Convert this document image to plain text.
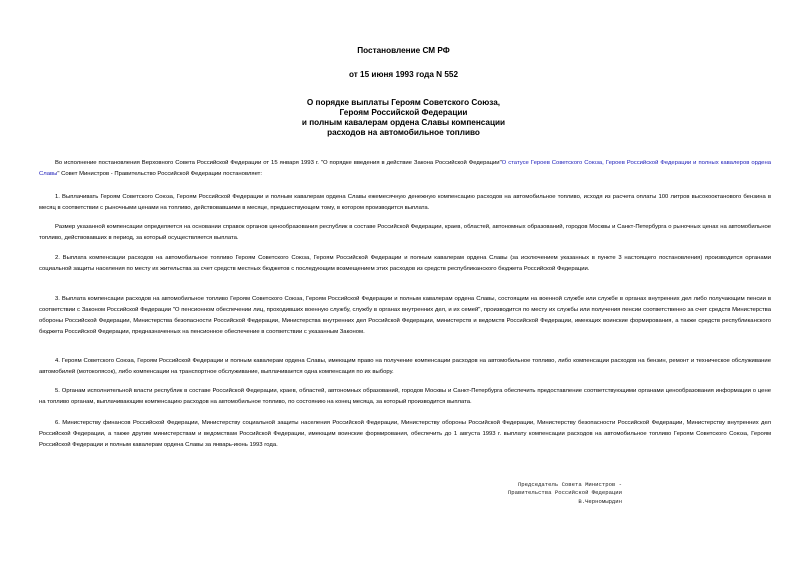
Постановление СМ РФ
от 15 июня 1993 года N 552
О порядке выплаты Героям Советского Союза,
Героям Российской Федерации
и полным кавалерам ордена Славы компенсации
расходов на автомобильное топливо
Во исполнение постановления Верховного Совета Российской Федерации от 15 января 1993 г. "О порядке введения в действие Закона Российской Федерации"О статусе Героев Советского Союза, Героев Российской Федерации и полных кавалеров ордена Славы" Совет Министров - Правительство Российской Федерации постановляет:
1. Выплачивать Героям Советского Союза, Героям Российской Федерации и полным кавалерам ордена Славы ежемесячную денежную компенсацию расходов на автомобильное топливо, исходя из расчета оплаты 100 литров высокооктанового бензина в месяц в соответствии с рыночными ценами на топливо, действовавшими в месяце, предшествующем тому, в котором производится выплата.
Размер указанной компенсации определяется на основании справок органов ценообразования республик в составе Российской Федерации, краев, областей, автономных образований, городов Москвы и Санкт-Петербурга о рыночных ценах на автомобильное топливо, действовавших в период, за который осуществляется выплата.
2. Выплата компенсации расходов на автомобильное топливо Героям Советского Союза, Героям Российской Федерации и полным кавалерам ордена Славы (за исключением указанных в пункте 3 настоящего постановления) производится органами социальной защиты населения по месту их жительства за счет средств местных бюджетов с последующим возмещением этих расходов из средств республиканского бюджета Российской Федерации.
3. Выплата компенсации расходов на автомобильное топливо Героям Советского Союза, Героям Российской Федерации и полным кавалерам ордена Славы, состоящим на военной службе или службе в органах внутренних дел либо получающим пенсии в соответствии с Законом Российской Федерации "О пенсионном обеспечении лиц, проходивших военную службу, службу в органах внутренних дел, и их семей", производится по месту их службы или получения пенсии соответственно за счет средств Министерства обороны Российской Федерации, Министерства безопасности Российской Федерации, Министерства внутренних дел Российской Федерации, министерств и ведомств Российской Федерации, имеющих воинские формирования, а также средств республиканского бюджета Российской Федерации, предназначенных на пенсионное обеспечение в соответствии с указанным Законом.
4. Героям Советского Союза, Героям Российской Федерации и полным кавалерам ордена Славы, имеющим право на получение компенсации расходов на автомобильное топливо, либо компенсации расходов на бензин, ремонт и техническое обслуживание автомобилей (мотоколясок), либо компенсации на транспортное обслуживание, выплачивается одна компенсация по их выбору.
5. Органам исполнительной власти республик в составе Российской Федерации, краев, областей, автономных образований, городов Москвы и Санкт-Петербурга обеспечить предоставление соответствующими органами ценообразования информации о цене на топливо органам, выплачивающим компенсацию расходов на автомобильное топливо, по состоянию на конец месяца, за который производится выплата.
6. Министерству финансов Российской Федерации, Министерству социальной защиты населения Российской Федерации, Министерству обороны Российской Федерации, Министерству безопасности Российской Федерации, Министерству внутренних дел Российской Федерации, а также другим министерствам и ведомствам Российской Федерации, имеющим воинские формирования, обеспечить до 1 августа 1993 г. выплату компенсации расходов на автомобильное топливо Героям Советского Союза, Героям Российской Федерации и полным кавалерам ордена Славы за январь-июнь 1993 года.
Председатель Совета Министров -
Правительства Российской Федерации
В.Черномырдин
